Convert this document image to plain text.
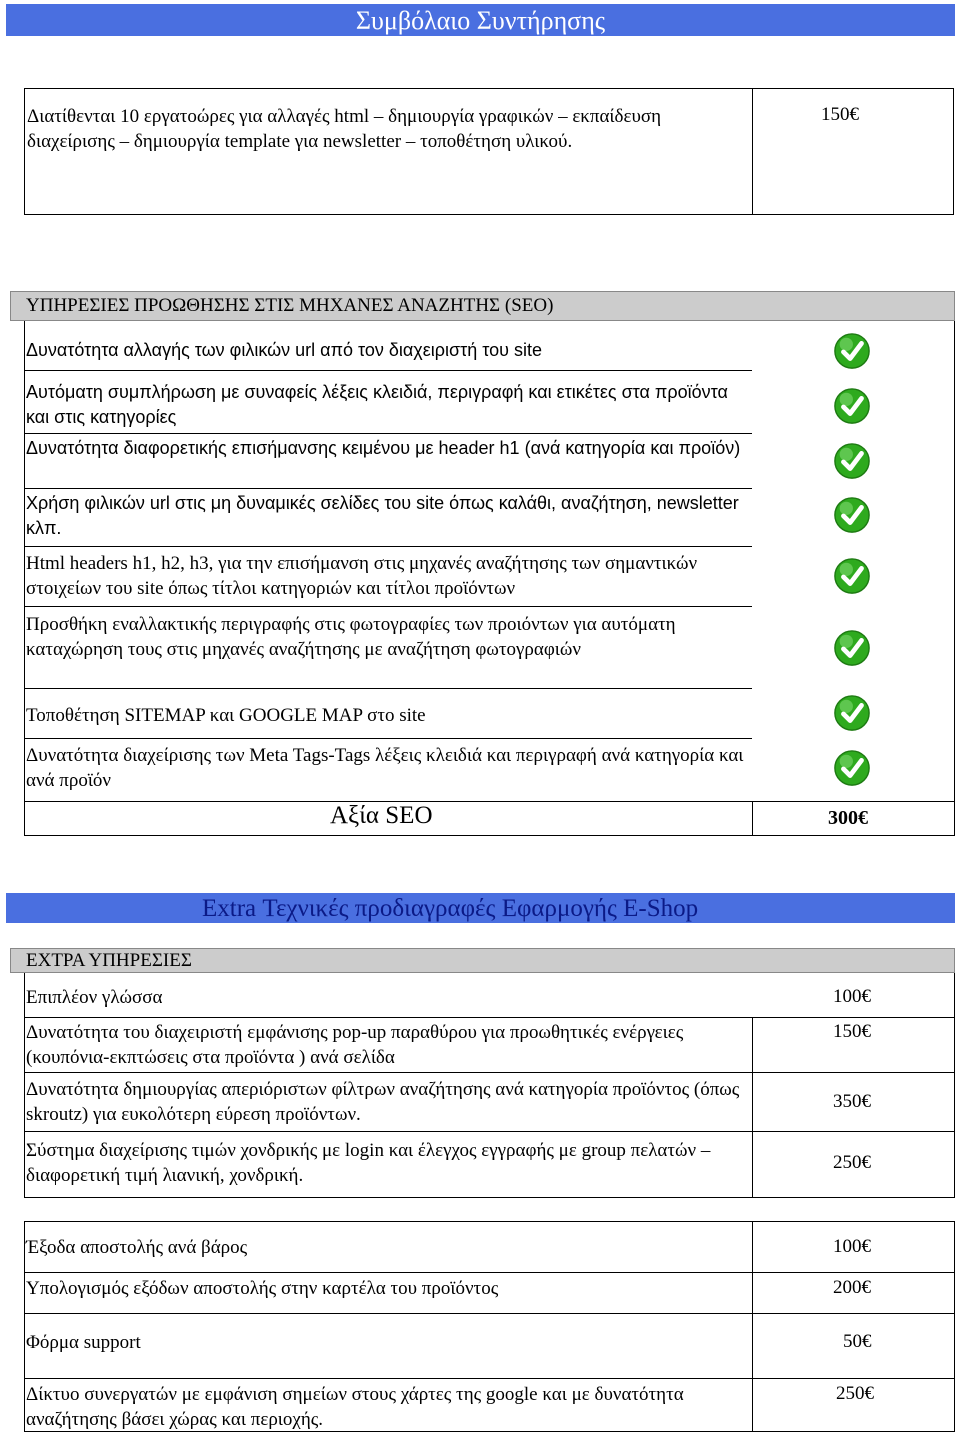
Συμβόλαιο Συντήρησης
Διατίθενται 10 εργατοώρες για αλλαγές html – δημιουργία γραφικών – εκπαίδευση διαχείρισης – δημιουργία template για newsletter – τοποθέτηση υλικού.
150€
ΥΠΗΡΕΣΙΕΣ ΠΡΟΩΘΗΣΗΣ ΣΤΙΣ ΜΗΧΑΝΕΣ ΑΝΑΖΗΤΗΣ (SEO)
Δυνατότητα αλλαγής των φιλικών url από τον διαχειριστή του site
Αυτόματη συμπλήρωση με συναφείς λέξεις κλειδιά, περιγραφή και ετικέτες στα προϊόντα και στις κατηγορίες
Δυνατότητα διαφορετικής επισήμανσης κειμένου με header h1 (ανά κατηγορία και προϊόν)
Χρήση φιλικών url στις μη δυναμικές σελίδες του site όπως καλάθι, αναζήτηση, newsletter κλπ.
Html headers h1, h2, h3, για την επισήμανση στις μηχανές αναζήτησης των σημαντικών στοιχείων του site όπως τίτλοι κατηγοριών και τίτλοι προϊόντων
Προσθήκη εναλλακτικής περιγραφής στις φωτογραφίες των προιόντων για αυτόματη καταχώρηση τους στις μηχανές αναζήτησης με αναζήτηση φωτογραφιών
Τοποθέτηση SITEMAP και GOOGLE MAP στο site
Δυνατότητα διαχείρισης των Meta Tags-Tags λέξεις κλειδιά και περιγραφή ανά κατηγορία και ανά προϊόν
Αξία SEO	300€
Extra Τεχνικές προδιαγραφές Εφαρμογής E-Shop
ΕΧΤΡΑ ΥΠΗΡΕΣΙΕΣ
Επιπλέον γλώσσα	100€
Δυνατότητα του διαχειριστή εμφάνισης pop-up παραθύρου για προωθητικές ενέργειες (κουπόνια-εκπτώσεις στα προϊόντα ) ανά σελίδα
150€
Δυνατότητα δημιουργίας απεριόριστων φίλτρων αναζήτησης ανά κατηγορία προϊόντος (όπως skroutz) για ευκολότερη εύρεση προϊόντων.
350€
Σύστημα διαχείρισης τιμών χονδρικής με login και έλεγχος εγγραφής με group πελατών – διαφορετική τιμή λιανική, χονδρική.
250€
Έξοδα αποστολής ανά βάρος	100€
Υπολογισμός εξόδων αποστολής στην καρτέλα του προϊόντος	200€
Φόρμα support	50€
Δίκτυο συνεργατών με εμφάνιση σημείων στους χάρτες της google και με δυνατότητα αναζήτησης βάσει χώρας και περιοχής.
250€
